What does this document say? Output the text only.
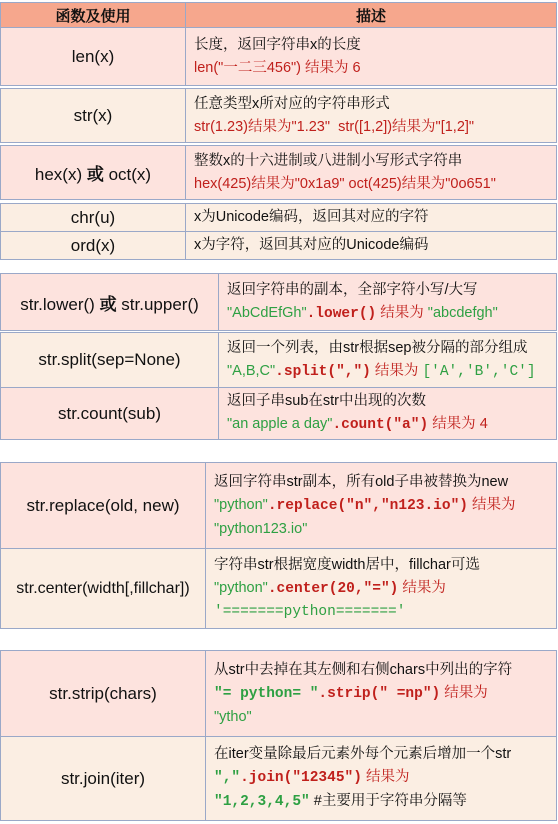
函数及使用	描述
len(x)	长度，返回字符串x的长度
len("一二三456") 结果为 6

str(x)	任意类型x所对应的字符串形式
str(1.23)结果为"1.23" str([1,2])结果为"[1,2]"

hex(x) 或 oct(x)	整数x的十六进制或八进制小写形式字符串
hex(425)结果为"0x1a9" oct(425)结果为"0o651"

chr(u)	x为Unicode编码，返回其对应的字符
ord(x)	x为字符，返回其对应的Unicode编码
str.lower() 或 str.upper()	返回字符串的副本，全部字符小写/大写
"AbCdEfGh".lower() 结果为 "abcdefgh"

str.split(sep=None)	返回一个列表，由str根据sep被分隔的部分组成
"A,B,C".split(",") 结果为 ['A','B','C']

str.count(sub)	返回子串sub在str中出现的次数
"an apple a day".count("a") 结果为 4
str.replace(old, new)	返回字符串str副本，所有old子串被替换为new
"python".replace("n","n123.io") 结果为
"python123.io"

str.center(width[,fillchar])	字符串str根据宽度width居中，fillchar可选
"python".center(20,"=") 结果为
'=======python======='
str.strip(chars)	从str中去掉在其左侧和右侧chars中列出的字符
"= python= ".strip(" =np") 结果为
"ytho"

str.join(iter)	在iter变量除最后元素外每个元素后增加一个str
",".join("12345") 结果为
"1,2,3,4,5" #主要用于字符串分隔等
